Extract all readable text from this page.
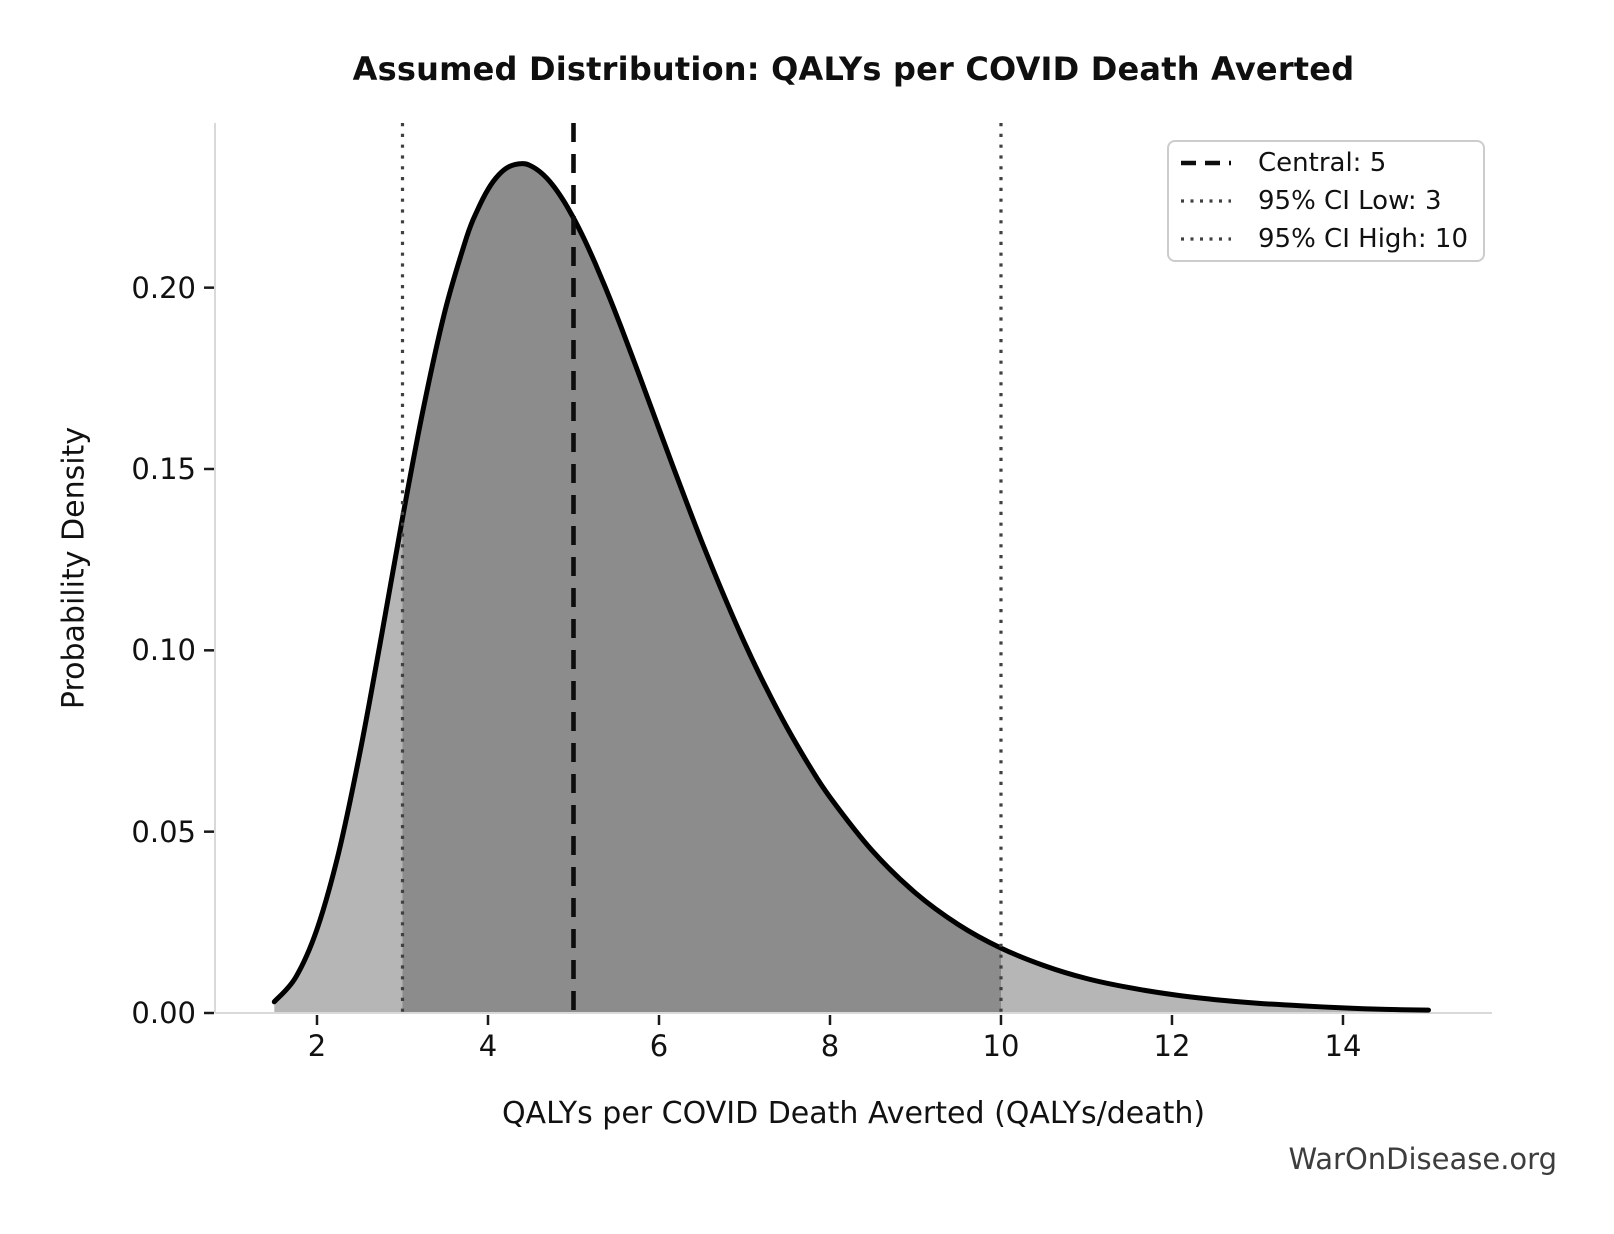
Assumed Distribution: QALYs per COVID Death Averted
Probability Density
2	4	6	8	10	12	14
0.00
0.05
0.10
0.15
0.20
QALYs per COVID Death Averted (QALYs/death)
Central: 5
95% CI Low: 3
95% CI High: 10
WarOnDisease.org
